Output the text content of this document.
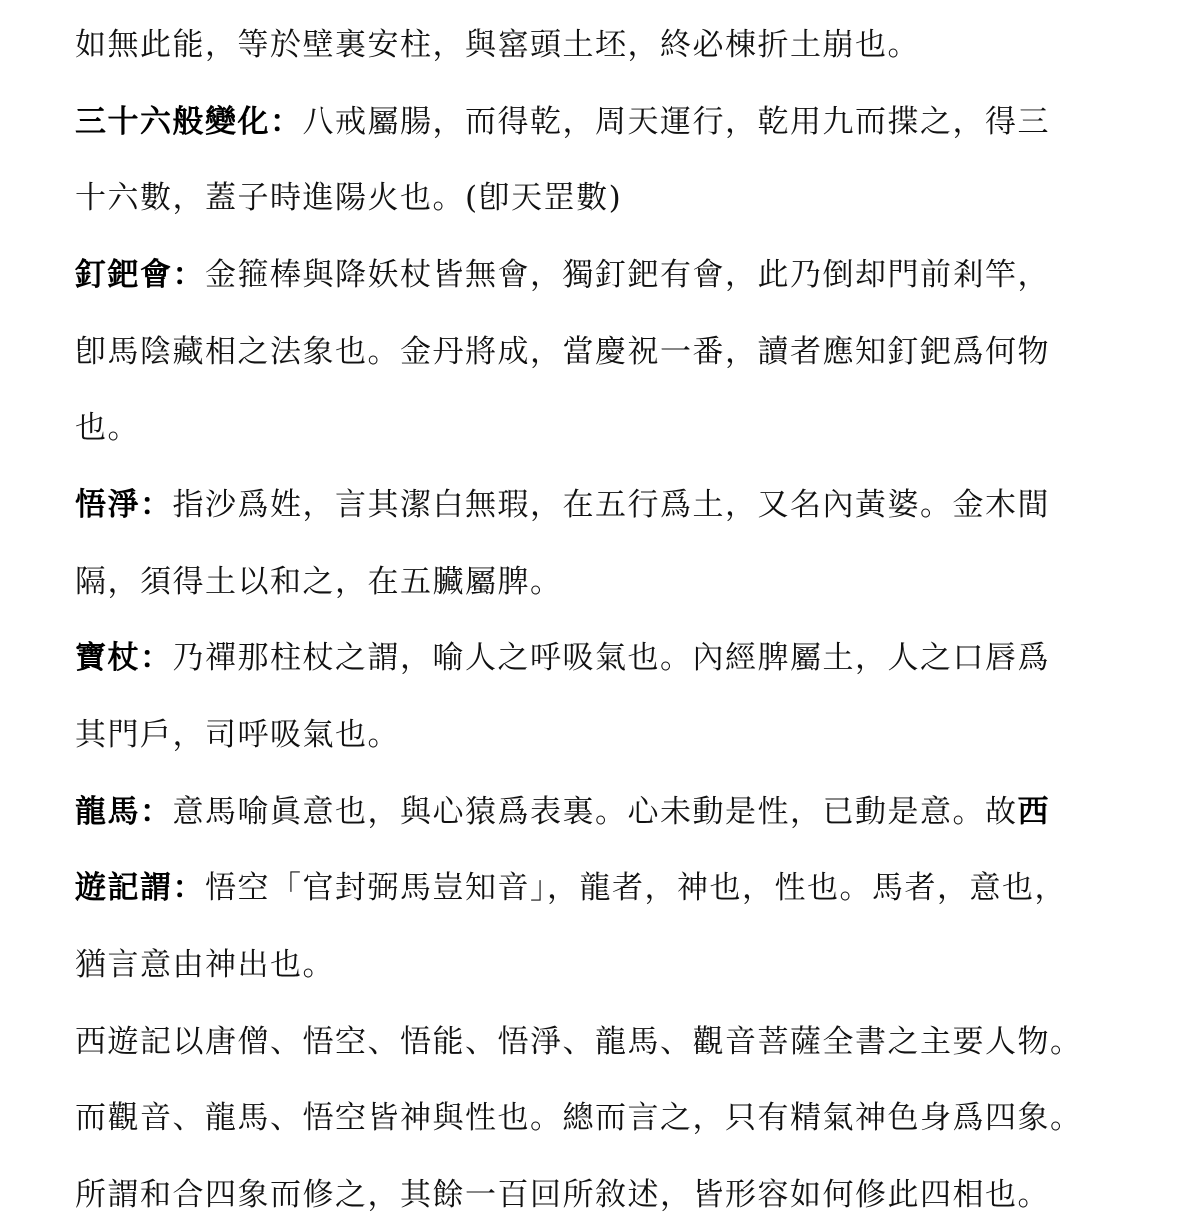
如無此能，等於壁裏安柱，與窰頭土坯，終必棟折土崩也。
三十六般變化：八戒屬腸，而得乾，周天運行，乾用九而揲之，得三
十六數，蓋子時進陽火也。(卽天罡數)
釘鈀會：金箍棒與降妖杖皆無會，獨釘鈀有會，此乃倒却門前剎竿，
卽馬陰藏相之法象也。金丹將成，當慶祝一番，讀者應知釘鈀爲何物
也。
悟淨：指沙爲姓，言其潔白無瑕，在五行爲土，又名內黃婆。金木間
隔，須得土以和之，在五臟屬脾。
寶杖：乃禪那柱杖之謂，喻人之呼吸氣也。內經脾屬土，人之口唇爲
其門戶，司呼吸氣也。
龍馬：意馬喻眞意也，與心猿爲表裏。心未動是性，已動是意。故西
遊記謂：悟空「官封弼馬豈知音」，龍者，神也，性也。馬者，意也，
猶言意由神出也。
西遊記以唐僧、悟空、悟能、悟淨、龍馬、觀音菩薩全書之主要人物。
而觀音、龍馬、悟空皆神與性也。總而言之，只有精氣神色身爲四象。
所謂和合四象而修之，其餘一百回所敘述，皆形容如何修此四相也。
